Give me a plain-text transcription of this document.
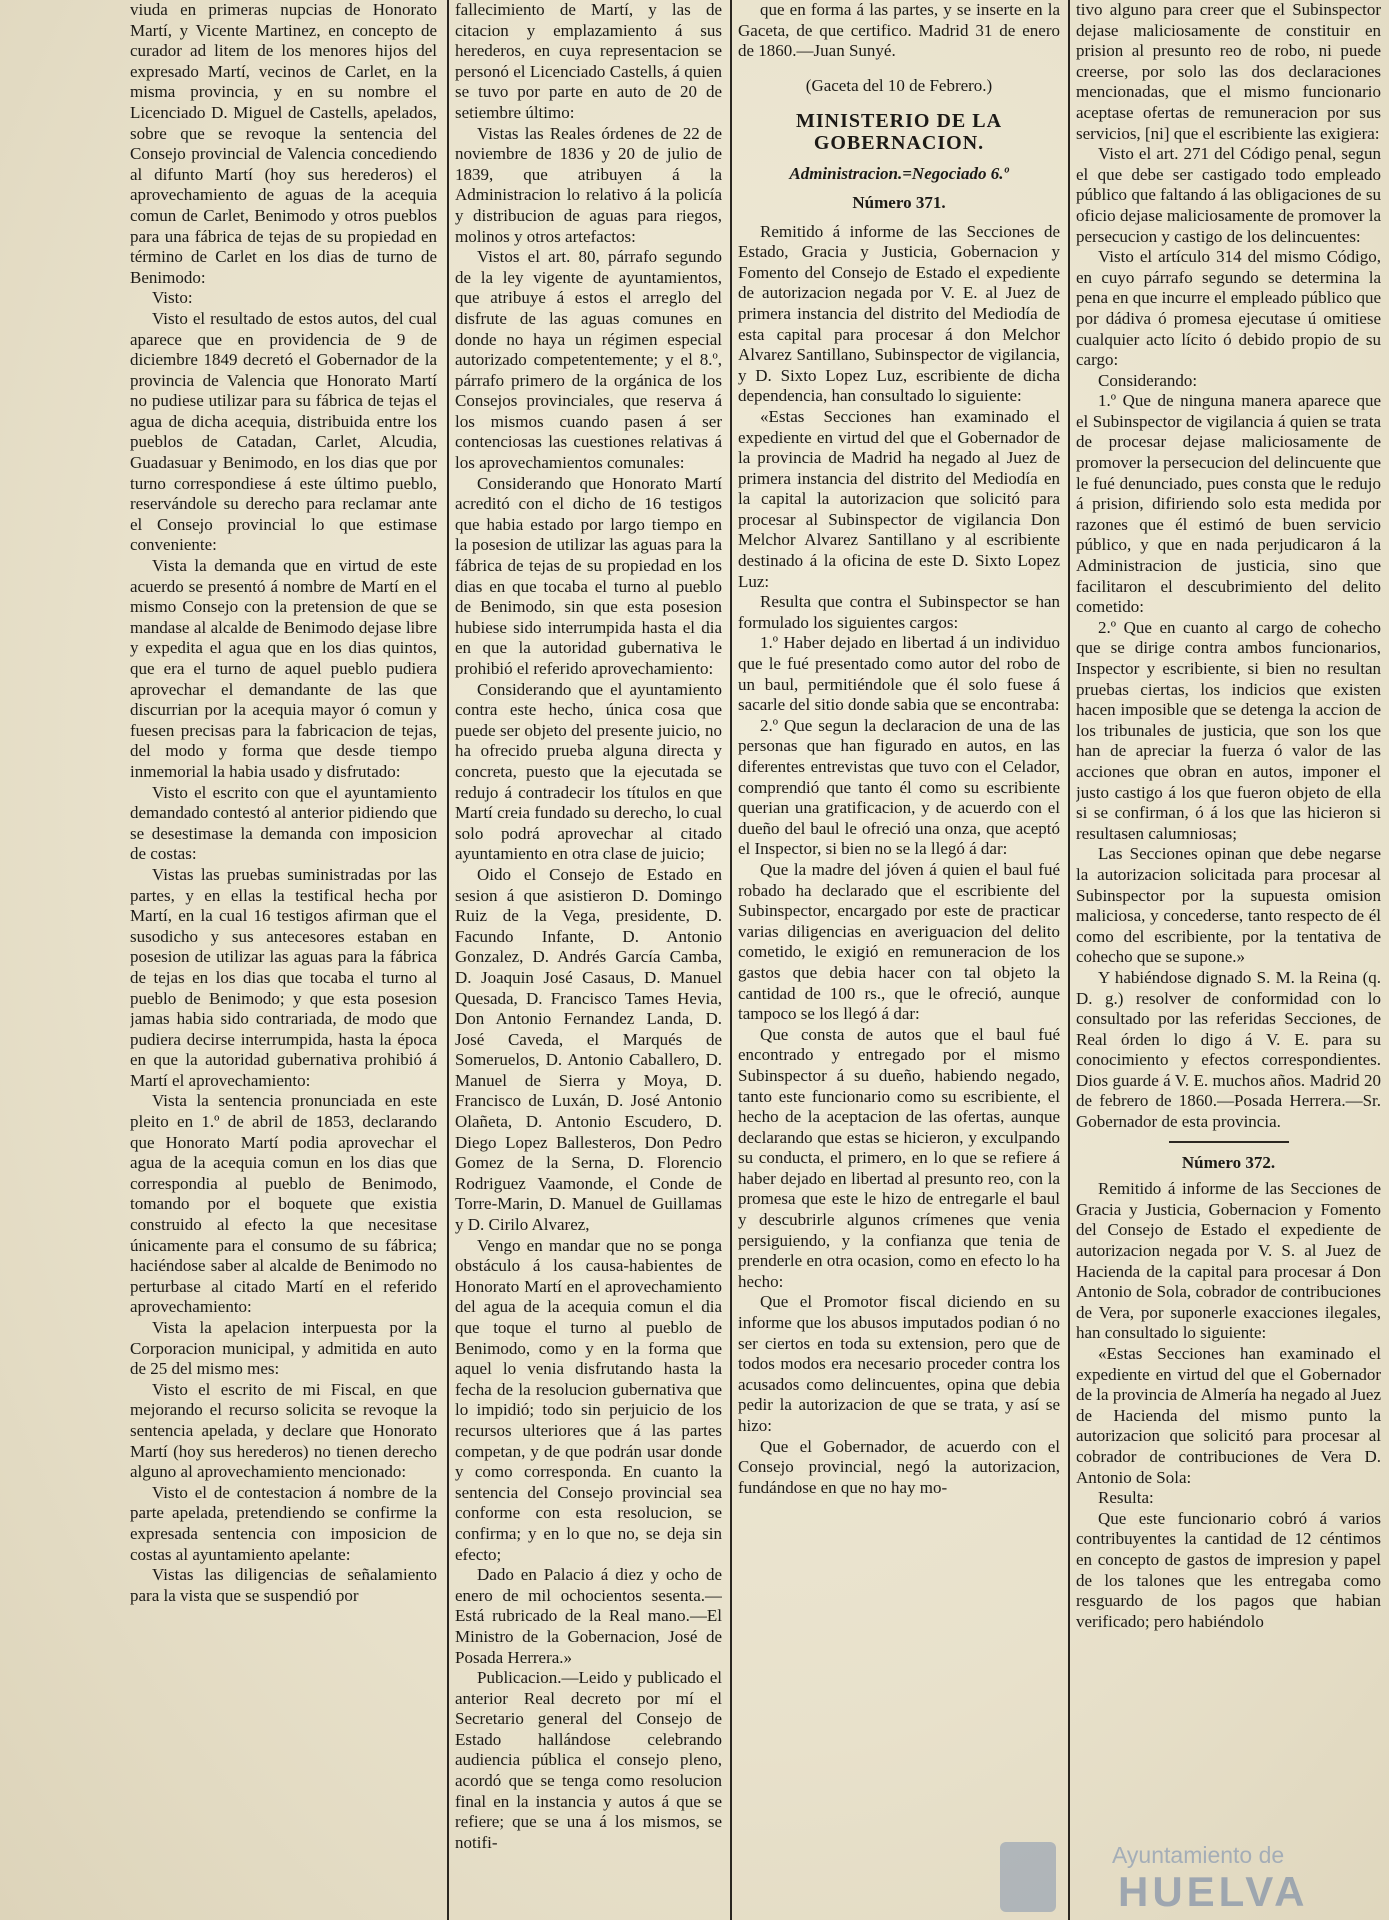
viuda en primeras nupcias de Honorato Martí, y Vicente Martinez, en concepto de curador ad litem de los menores hijos del expresado Martí, vecinos de Carlet, en la misma provincia, y en su nombre el Licenciado D. Miguel de Castells, apelados, sobre que se revoque la sentencia del Consejo provincial de Valencia concediendo al difunto Martí (hoy sus herederos) el aprovechamiento de aguas de la acequia comun de Carlet, Benimodo y otros pueblos para una fábrica de tejas de su propiedad en término de Carlet en los dias de turno de Benimodo:

Visto:

Visto el resultado de estos autos, del cual aparece que en providencia de 9 de diciembre 1849 decretó el Gobernador de la provincia de Valencia que Honorato Martí no pudiese utilizar para su fábrica de tejas el agua de dicha acequia, distribuida entre los pueblos de Catadan, Carlet, Alcudia, Guadasuar y Benimodo, en los dias que por turno correspondiese á este último pueblo, reservándole su derecho para reclamar ante el Consejo provincial lo que estimase conveniente:

Vista la demanda que en virtud de este acuerdo se presentó á nombre de Martí en el mismo Consejo con la pretension de que se mandase al alcalde de Benimodo dejase libre y expedita el agua que en los dias quintos, que era el turno de aquel pueblo pudiera aprovechar el demandante de las que discurrian por la acequia mayor ó comun y fuesen precisas para la fabricacion de tejas, del modo y forma que desde tiempo inmemorial la habia usado y disfrutado:

Visto el escrito con que el ayuntamiento demandado contestó al anterior pidiendo que se desestimase la demanda con imposicion de costas:

Vistas las pruebas suministradas por las partes, y en ellas la testifical hecha por Martí, en la cual 16 testigos afirman que el susodicho y sus antecesores estaban en posesion de utilizar las aguas para la fábrica de tejas en los dias que tocaba el turno al pueblo de Benimodo; y que esta posesion jamas habia sido contrariada, de modo que pudiera decirse interrumpida, hasta la época en que la autoridad gubernativa prohibió á Martí el aprovechamiento:

Vista la sentencia pronunciada en este pleito en 1.º de abril de 1853, declarando que Honorato Martí podia aprovechar el agua de la acequia comun en los dias que correspondia al pueblo de Benimodo, tomando por el boquete que existia construido al efecto la que necesitase únicamente para el consumo de su fábrica; haciéndose saber al alcalde de Benimodo no perturbase al citado Martí en el referido aprovechamiento:

Vista la apelacion interpuesta por la Corporacion municipal, y admitida en auto de 25 del mismo mes:

Visto el escrito de mi Fiscal, en que mejorando el recurso solicita se revoque la sentencia apelada, y declare que Honorato Martí (hoy sus herederos) no tienen derecho alguno al aprovechamiento mencionado:

Visto el de contestacion á nombre de la parte apelada, pretendiendo se confirme la expresada sentencia con imposicion de costas al ayuntamiento apelante:

Vistas las diligencias de señalamiento para la vista que se suspendió por

fallecimiento de Martí, y las de citacion y emplazamiento á sus herederos, en cuya representacion se personó el Licenciado Castells, á quien se tuvo por parte en auto de 20 de setiembre último:

Vistas las Reales órdenes de 22 de noviembre de 1836 y 20 de julio de 1839, que atribuyen á la Administracion lo relativo á la policía y distribucion de aguas para riegos, molinos y otros artefactos:

Vistos el art. 80, párrafo segundo de la ley vigente de ayuntamientos, que atribuye á estos el arreglo del disfrute de las aguas comunes en donde no haya un régimen especial autorizado competentemente; y el 8.º, párrafo primero de la orgánica de los Consejos provinciales, que reserva á los mismos cuando pasen á ser contenciosas las cuestiones relativas á los aprovechamientos comunales:

Considerando que Honorato Martí acreditó con el dicho de 16 testigos que habia estado por largo tiempo en la posesion de utilizar las aguas para la fábrica de tejas de su propiedad en los dias en que tocaba el turno al pueblo de Benimodo, sin que esta posesion hubiese sido interrumpida hasta el dia en que la autoridad gubernativa le prohibió el referido aprovechamiento:

Considerando que el ayuntamiento contra este hecho, única cosa que puede ser objeto del presente juicio, no ha ofrecido prueba alguna directa y concreta, puesto que la ejecutada se redujo á contradecir los títulos en que Martí creia fundado su derecho, lo cual solo podrá aprovechar al citado ayuntamiento en otra clase de juicio;

Oido el Consejo de Estado en sesion á que asistieron D. Domingo Ruiz de la Vega, presidente, D. Facundo Infante, D. Antonio Gonzalez, D. Andrés García Camba, D. Joaquin José Casaus, D. Manuel Quesada, D. Francisco Tames Hevia, Don Antonio Fernandez Landa, D. José Caveda, el Marqués de Someruelos, D. Antonio Caballero, D. Manuel de Sierra y Moya, D. Francisco de Luxán, D. José Antonio Olañeta, D. Antonio Escudero, D. Diego Lopez Ballesteros, Don Pedro Gomez de la Serna, D. Florencio Rodriguez Vaamonde, el Conde de Torre-Marin, D. Manuel de Guillamas y D. Cirilo Alvarez,

Vengo en mandar que no se ponga obstáculo á los causa-habientes de Honorato Martí en el aprovechamiento del agua de la acequia comun el dia que toque el turno al pueblo de Benimodo, como y en la forma que aquel lo venia disfrutando hasta la fecha de la resolucion gubernativa que lo impidió; todo sin perjuicio de los recursos ulteriores que á las partes competan, y de que podrán usar donde y como corresponda. En cuanto la sentencia del Consejo provincial sea conforme con esta resolucion, se confirma; y en lo que no, se deja sin efecto;

Dado en Palacio á diez y ocho de enero de mil ochocientos sesenta.—Está rubricado de la Real mano.—El Ministro de la Gobernacion, José de Posada Herrera.»

Publicacion.—Leido y publicado el anterior Real decreto por mí el Secretario general del Consejo de Estado hallándose celebrando audiencia pública el consejo pleno, acordó que se tenga como resolucion final en la instancia y autos á que se refiere; que se una á los mismos, se notifi-

que en forma á las partes, y se inserte en la Gaceta, de que certifico. Madrid 31 de enero de 1860.—Juan Sunyé.

(Gaceta del 10 de Febrero.)

MINISTERIO DE LA GOBERNACION.

Administracion.=Negociado 6.º

Número 371.

Remitido á informe de las Secciones de Estado, Gracia y Justicia, Gobernacion y Fomento del Consejo de Estado el expediente de autorizacion negada por V. E. al Juez de primera instancia del distrito del Mediodía de esta capital para procesar á don Melchor Alvarez Santillano, Subinspector de vigilancia, y D. Sixto Lopez Luz, escribiente de dicha dependencia, han consultado lo siguiente:

«Estas Secciones han examinado el expediente en virtud del que el Gobernador de la provincia de Madrid ha negado al Juez de primera instancia del distrito del Mediodía en la capital la autorizacion que solicitó para procesar al Subinspector de vigilancia Don Melchor Alvarez Santillano y al escribiente destinado á la oficina de este D. Sixto Lopez Luz:

Resulta que contra el Subinspector se han formulado los siguientes cargos:

1.º Haber dejado en libertad á un individuo que le fué presentado como autor del robo de un baul, permitiéndole que él solo fuese á sacarle del sitio donde sabia que se encontraba:

2.º Que segun la declaracion de una de las personas que han figurado en autos, en las diferentes entrevistas que tuvo con el Celador, comprendió que tanto él como su escribiente querian una gratificacion, y de acuerdo con el dueño del baul le ofreció una onza, que aceptó el Inspector, si bien no se la llegó á dar:

Que la madre del jóven á quien el baul fué robado ha declarado que el escribiente del Subinspector, encargado por este de practicar varias diligencias en averiguacion del delito cometido, le exigió en remuneracion de los gastos que debia hacer con tal objeto la cantidad de 100 rs., que le ofreció, aunque tampoco se los llegó á dar:

Que consta de autos que el baul fué encontrado y entregado por el mismo Subinspector á su dueño, habiendo negado, tanto este funcionario como su escribiente, el hecho de la aceptacion de las ofertas, aunque declarando que estas se hicieron, y exculpando su conducta, el primero, en lo que se refiere á haber dejado en libertad al presunto reo, con la promesa que este le hizo de entregarle el baul y descubrirle algunos crímenes que venia persiguiendo, y la confianza que tenia de prenderle en otra ocasion, como en efecto lo ha hecho:

Que el Promotor fiscal diciendo en su informe que los abusos imputados podian ó no ser ciertos en toda su extension, pero que de todos modos era necesario proceder contra los acusados como delincuentes, opina que debia pedir la autorizacion de que se trata, y así se hizo:

Que el Gobernador, de acuerdo con el Consejo provincial, negó la autorizacion, fundándose en que no hay mo-

tivo alguno para creer que el Subinspector dejase maliciosamente de constituir en prision al presunto reo de robo, ni puede creerse, por solo las dos declaraciones mencionadas, que el mismo funcionario aceptase ofertas de remuneracion por sus servicios, [ni] que el escribiente las exigiera:

Visto el art. 271 del Código penal, segun el que debe ser castigado todo empleado público que faltando á las obligaciones de su oficio dejase maliciosamente de promover la persecucion y castigo de los delincuentes:

Visto el artículo 314 del mismo Código, en cuyo párrafo segundo se determina la pena en que incurre el empleado público que por dádiva ó promesa ejecutase ú omitiese cualquier acto lícito ó debido propio de su cargo:

Considerando:

1.º Que de ninguna manera aparece que el Subinspector de vigilancia á quien se trata de procesar dejase maliciosamente de promover la persecucion del delincuente que le fué denunciado, pues consta que le redujo á prision, difiriendo solo esta medida por razones que él estimó de buen servicio público, y que en nada perjudicaron á la Administracion de justicia, sino que facilitaron el descubrimiento del delito cometido:

2.º Que en cuanto al cargo de cohecho que se dirige contra ambos funcionarios, Inspector y escribiente, si bien no resultan pruebas ciertas, los indicios que existen hacen imposible que se detenga la accion de los tribunales de justicia, que son los que han de apreciar la fuerza ó valor de las acciones que obran en autos, imponer el justo castigo á los que fueron objeto de ella si se confirman, ó á los que las hicieron si resultasen calumniosas;

Las Secciones opinan que debe negarse la autorizacion solicitada para procesar al Subinspector por la supuesta omision maliciosa, y concederse, tanto respecto de él como del escribiente, por la tentativa de cohecho que se supone.»

Y habiéndose dignado S. M. la Reina (q. D. g.) resolver de conformidad con lo consultado por las referidas Secciones, de Real órden lo digo á V. E. para su conocimiento y efectos correspondientes. Dios guarde á V. E. muchos años. Madrid 20 de febrero de 1860.—Posada Herrera.—Sr. Gobernador de esta provincia.

Número 372.

Remitido á informe de las Secciones de Gracia y Justicia, Gobernacion y Fomento del Consejo de Estado el expediente de autorizacion negada por V. S. al Juez de Hacienda de la capital para procesar á Don Antonio de Sola, cobrador de contribuciones de Vera, por suponerle exacciones ilegales, han consultado lo siguiente:

«Estas Secciones han examinado el expediente en virtud del que el Gobernador de la provincia de Almería ha negado al Juez de Hacienda del mismo punto la autorizacion que solicitó para procesar al cobrador de contribuciones de Vera D. Antonio de Sola:

Resulta:

Que este funcionario cobró á varios contribuyentes la cantidad de 12 céntimos en concepto de gastos de impresion y papel de los talones que les entregaba como resguardo de los pagos que habian verificado; pero habiéndolo

Ayuntamiento de
HUELVA
